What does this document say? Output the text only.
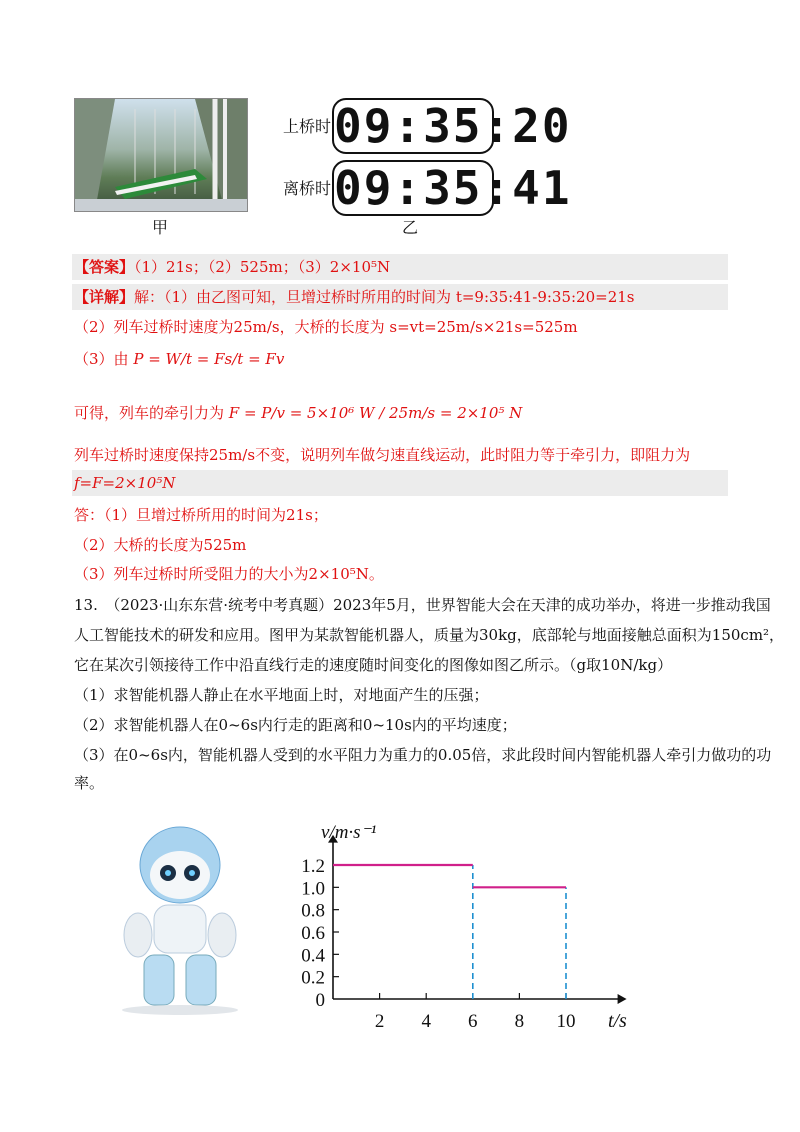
甲
上桥时 09:35:20
离桥时 09:35:41
乙
【答案】（1）21s；（2）525m；（3）2×10⁵N
【详解】解：（1）由乙图可知，旦增过桥时所用的时间为 t=9:35:41-9:35:20=21s
（2）列车过桥时速度为25m/s，大桥的长度为 s=vt=25m/s×21s=525m
（3）由 P = W/t = Fs/t = Fv
可得，列车的牵引力为 F = P/v = 5×10⁶ W / 25m/s = 2×10⁵ N
列车过桥时速度保持25m/s不变，说明列车做匀速直线运动，此时阻力等于牵引力，即阻力为
f=F=2×10⁵N
答：（1）旦增过桥所用的时间为21s；
（2）大桥的长度为525m
（3）列车过桥时所受阻力的大小为2×10⁵N。
13.　（2023·山东东营·统考中考真题）2023年5月，世界智能大会在天津的成功举办，将进一步推动我国
人工智能技术的研发和应用。图甲为某款智能机器人，质量为30kg，底部轮与地面接触总面积为150cm²，
它在某次引领接待工作中沿直线行走的速度随时间变化的图像如图乙所示。（g取10N/kg）
（1）求智能机器人静止在水平地面上时，对地面产生的压强；
（2）求智能机器人在0~6s内行走的距离和0~10s内的平均速度；
（3）在0~6s内，智能机器人受到的水平阻力为重力的0.05倍，求此段时间内智能机器人牵引力做功的功
率。
0
0.2
0.4
0.6
0.8
1.0
1.2
2 4 6 8 10
v/m·s⁻¹
t/s
